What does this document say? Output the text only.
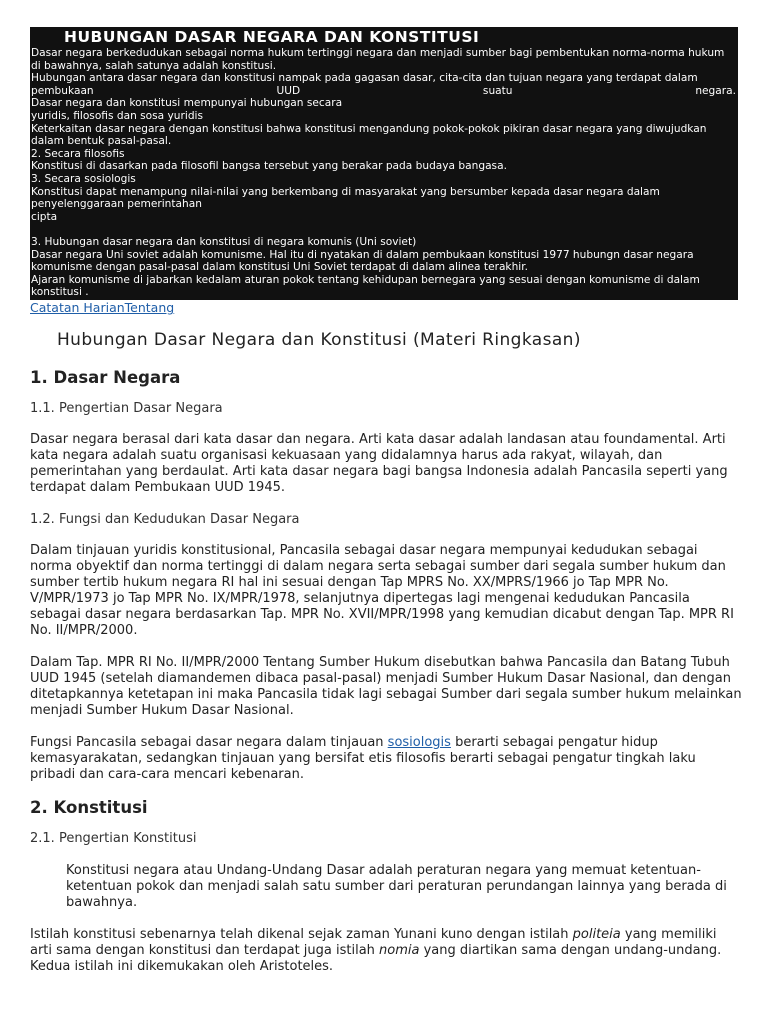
HUBUNGAN DASAR NEGARA DAN KONSTITUSI

Dasar negara berkedudukan sebagai norma hukum tertinggi negara dan menjadi sumber bagi pembentukan norma-norma hukum di bawahnya, salah satunya adalah konstitusi.

Hubungan antara dasar negara dan konstitusi nampak pada gagasan dasar, cita-cita dan tujuan negara yang terdapat dalam

pembukaan	UUD	suatu	negara.

Dasar negara dan konstitusi mempunyai hubungan secara

yuridis, filosofis dan sosa yuridis

Keterkaitan dasar negara dengan konstitusi bahwa konstitusi mengandung pokok-pokok pikiran dasar negara yang diwujudkan dalam bentuk pasal-pasal.

2. Secara filosofis

Konstitusi di dasarkan pada filosofil bangsa tersebut yang berakar pada budaya bangasa.

3. Secara sosiologis

Konstitusi dapat menampung nilai-nilai yang berkembang di masyarakat yang bersumber kepada dasar negara dalam penyelenggaraan pemerintahan

cipta

3. Hubungan dasar negara dan konstitusi di negara komunis (Uni soviet)

Dasar negara Uni soviet adalah komunisme. Hal itu di nyatakan di dalam pembukaan konstitusi 1977 hubungn dasar negara komunisme dengan pasal-pasal dalam konstitusi Uni Soviet terdapat di dalam alinea terakhir.

Ajaran komunisme di jabarkan kedalam aturan pokok tentang kehidupan bernegara yang sesuai dengan komunisme di dalam konstitusi .

Catatan HarianTentang
Hubungan Dasar Negara dan Konstitusi (Materi Ringkasan)
1. Dasar Negara

1.1. Pengertian Dasar Negara

Dasar negara berasal dari kata dasar dan negara. Arti kata dasar adalah landasan atau foundamental. Arti kata negara adalah suatu organisasi kekuasaan yang didalamnya harus ada rakyat, wilayah, dan pemerintahan yang berdaulat. Arti kata dasar negara bagi bangsa Indonesia adalah Pancasila seperti yang terdapat dalam Pembukaan UUD 1945.

1.2. Fungsi dan Kedudukan Dasar Negara

Dalam tinjauan yuridis konstitusional, Pancasila sebagai dasar negara mempunyai kedudukan sebagai norma obyektif dan norma tertinggi di dalam negara serta sebagai sumber dari segala sumber hukum dan sumber tertib hukum negara RI hal ini sesuai dengan Tap MPRS No. XX/MPRS/1966 jo Tap MPR No. V/MPR/1973 jo Tap MPR No. IX/MPR/1978, selanjutnya dipertegas lagi mengenai kedudukan Pancasila sebagai dasar negara berdasarkan Tap. MPR No. XVII/MPR/1998 yang kemudian dicabut dengan Tap. MPR RI No. II/MPR/2000.

Dalam Tap. MPR RI No. II/MPR/2000 Tentang Sumber Hukum disebutkan bahwa Pancasila dan Batang Tubuh UUD 1945 (setelah diamandemen dibaca pasal-pasal) menjadi Sumber Hukum Dasar Nasional, dan dengan ditetapkannya ketetapan ini maka Pancasila tidak lagi sebagai Sumber dari segala sumber hukum melainkan menjadi Sumber Hukum Dasar Nasional.

Fungsi Pancasila sebagai dasar negara dalam tinjauan sosiologis berarti sebagai pengatur hidup kemasyarakatan, sedangkan tinjauan yang bersifat etis filosofis berarti sebagai pengatur tingkah laku pribadi dan cara-cara mencari kebenaran.

2. Konstitusi

2.1. Pengertian Konstitusi

Konstitusi negara atau Undang-Undang Dasar adalah peraturan negara yang memuat ketentuan-ketentuan pokok dan menjadi salah satu sumber dari peraturan perundangan lainnya yang berada di bawahnya.

Istilah konstitusi sebenarnya telah dikenal sejak zaman Yunani kuno dengan istilah politeia yang memiliki arti sama dengan konstitusi dan terdapat juga istilah nomia yang diartikan sama dengan undang-undang. Kedua istilah ini dikemukakan oleh Aristoteles.
